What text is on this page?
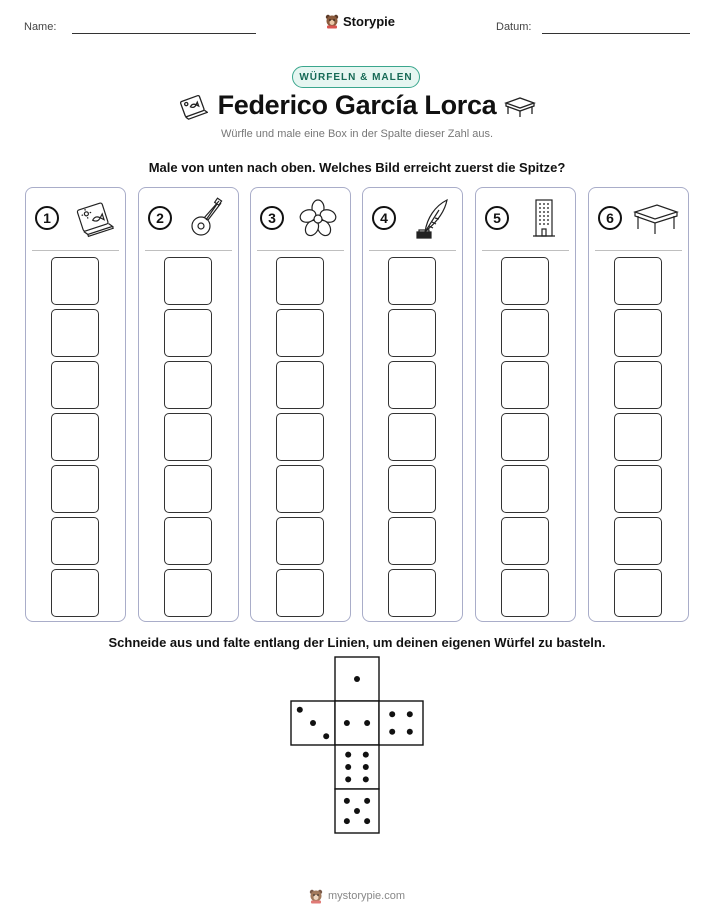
Name:	Storypie	Datum:
WÜRFELN & MALEN
Federico García Lorca
Würfle und male eine Box in der Spalte dieser Zahl aus.
Male von unten nach oben. Welches Bild erreicht zuerst die Spitze?
1	2	3	4	5	6
Schneide aus und falte entlang der Linien, um deinen eigenen Würfel zu basteln.
mystorypie.com
